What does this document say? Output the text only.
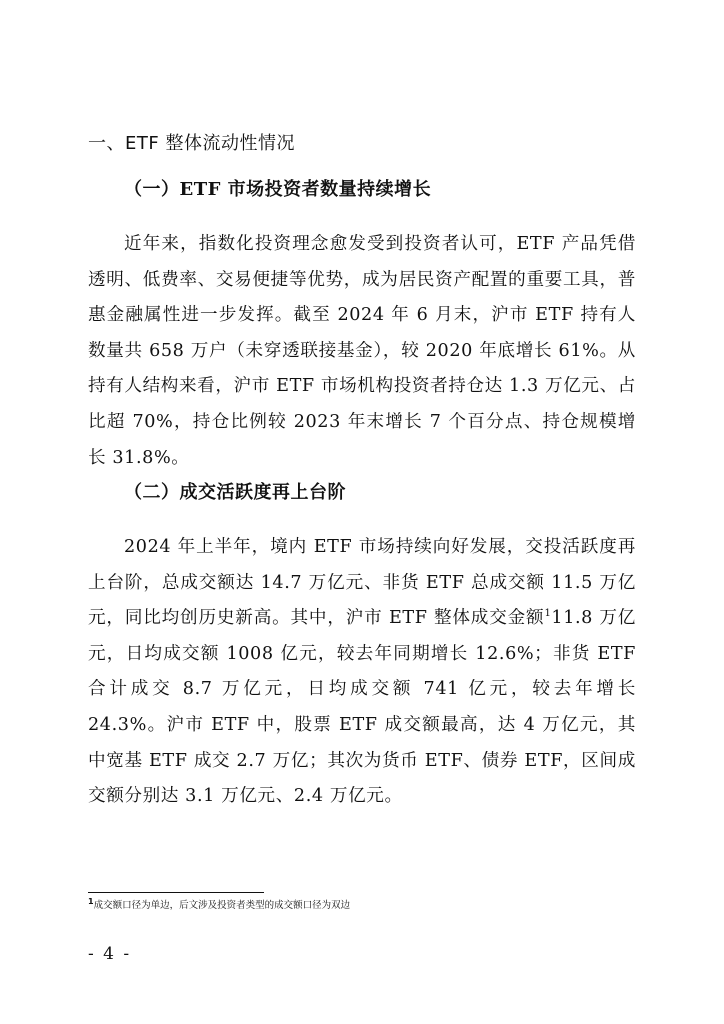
一、ETF 整体流动性情况
（一）ETF 市场投资者数量持续增长
近年来，指数化投资理念愈发受到投资者认可，ETF 产品凭借透明、低费率、交易便捷等优势，成为居民资产配置的重要工具，普惠金融属性进一步发挥。截至 2024 年 6 月末，沪市 ETF 持有人数量共 658 万户（未穿透联接基金），较 2020 年底增长 61%。从持有人结构来看，沪市 ETF 市场机构投资者持仓达 1.3 万亿元、占比超 70%，持仓比例较 2023 年末增长 7 个百分点、持仓规模增长 31.8%。
（二）成交活跃度再上台阶
2024 年上半年，境内 ETF 市场持续向好发展，交投活跃度再上台阶，总成交额达 14.7 万亿元、非货 ETF 总成交额 11.5 万亿元，同比均创历史新高。其中，沪市 ETF 整体成交金额$^1$11.8 万亿元，日均成交额 1008 亿元，较去年同期增长 12.6%；非货 ETF 合计成交 8.7 万亿元，日均成交额 741 亿元，较去年增长 24.3%。沪市 ETF 中，股票 ETF 成交额最高，达 4 万亿元，其中宽基 ETF 成交 2.7 万亿；其次为货币 ETF、债券 ETF，区间成交额分别达 3.1 万亿元、2.4 万亿元。
$^1$成交额口径为单边，后文涉及投资者类型的成交额口径为双边
- 4 -
